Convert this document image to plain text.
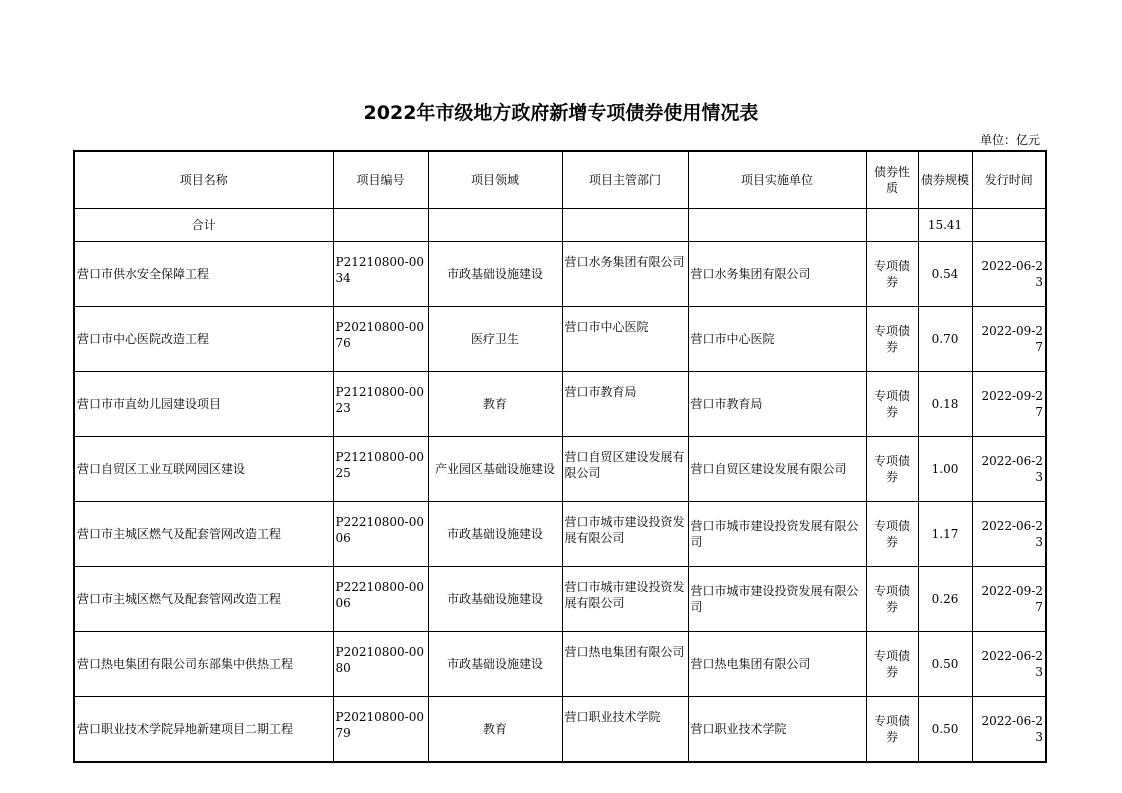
2022年市级地方政府新增专项债券使用情况表
单位：亿元
项目名称	项目编号	项目领域	项目主管部门	项目实施单位	债券性质	债券规模	发行时间
合计						15.41	
营口市供水安全保障工程	P21210800-0034	市政基础设施建设	营口水务集团有限公司	营口水务集团有限公司	专项债券	0.54	2022-06-23
营口市中心医院改造工程	P20210800-0076	医疗卫生	营口市中心医院	营口市中心医院	专项债券	0.70	2022-09-27
营口市市直幼儿园建设项目	P21210800-0023	教育	营口市教育局	营口市教育局	专项债券	0.18	2022-09-27
营口自贸区工业互联网园区建设	P21210800-0025	产业园区基础设施建设	营口自贸区建设发展有限公司	营口自贸区建设发展有限公司	专项债券	1.00	2022-06-23
营口市主城区燃气及配套管网改造工程	P22210800-0006	市政基础设施建设	营口市城市建设投资发展有限公司	营口市城市建设投资发展有限公司	专项债券	1.17	2022-06-23
营口市主城区燃气及配套管网改造工程	P22210800-0006	市政基础设施建设	营口市城市建设投资发展有限公司	营口市城市建设投资发展有限公司	专项债券	0.26	2022-09-27
营口热电集团有限公司东部集中供热工程	P20210800-0080	市政基础设施建设	营口热电集团有限公司	营口热电集团有限公司	专项债券	0.50	2022-06-23
营口职业技术学院异地新建项目二期工程	P20210800-0079	教育	营口职业技术学院	营口职业技术学院	专项债券	0.50	2022-06-23
